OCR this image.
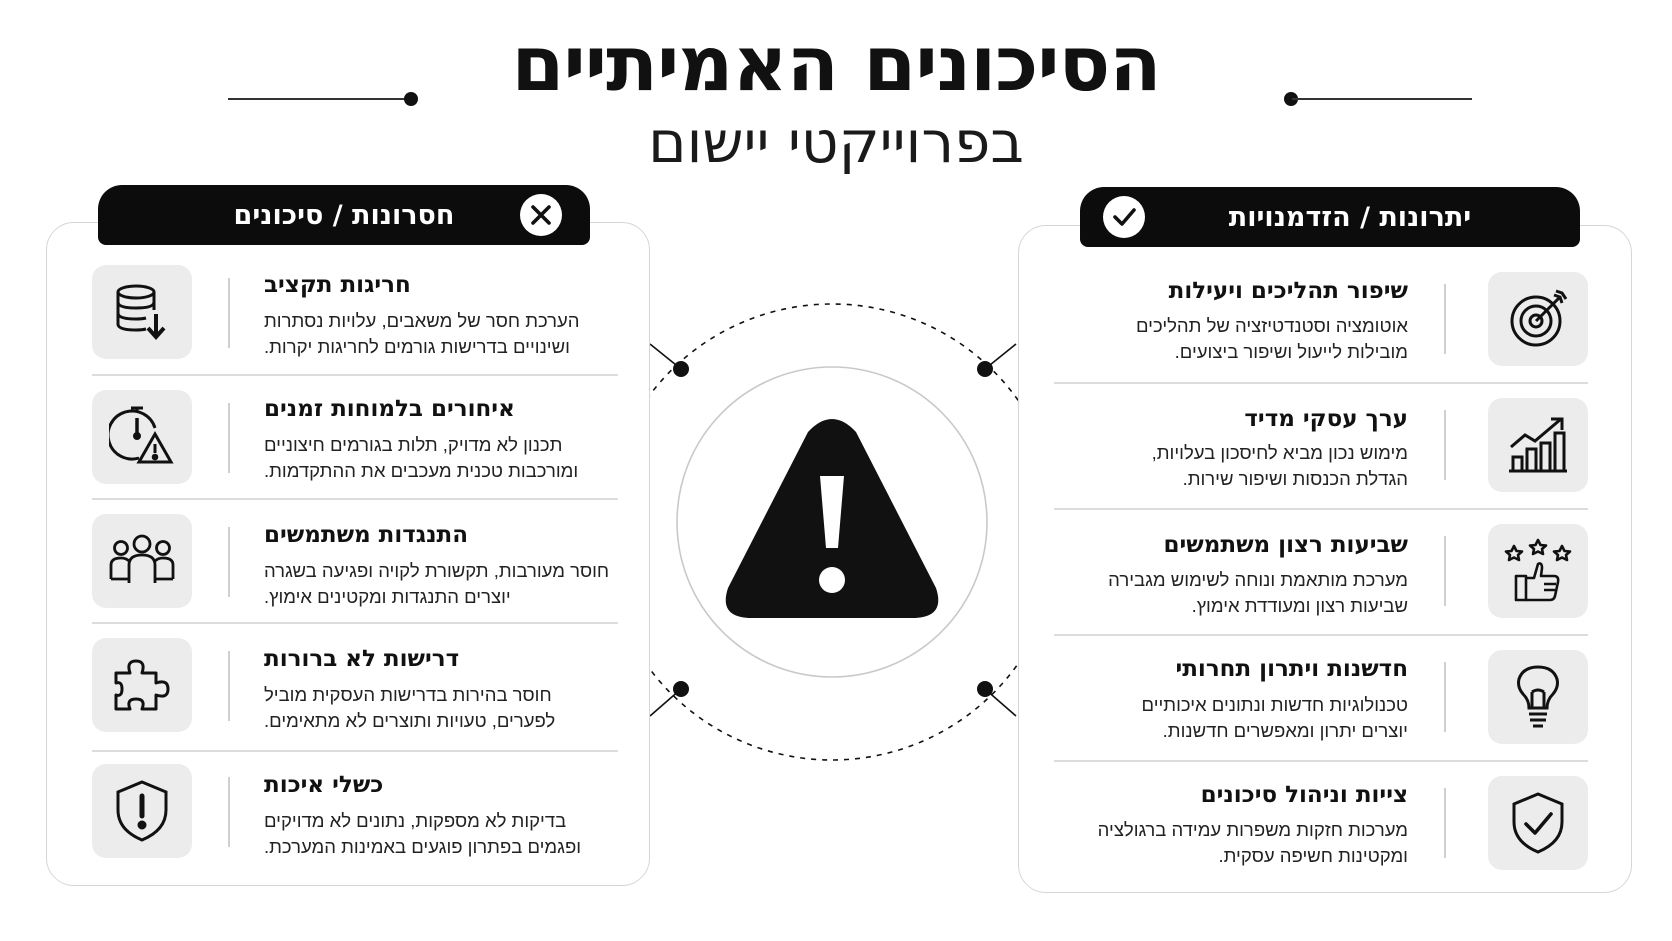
הסיכונים האמיתיים
בפרוייקטי יישום
חסרונות / סיכונים
חריגות תקציב
הערכת חסר של משאבים, עלויות נסתרות
ושינויים בדרישות גורמים לחריגות יקרות.
איחורים בלמוחות זמנים
תכנון לא מדויק, תלות בגורמים חיצוניים
ומורכבות טכנית מעכבים את ההתקדמות.
התנגדות משתמשים
חוסר מעורבות, תקשורת לקויה ופגיעה בשגרה
יוצרים התנגדות ומקטינים אימוץ.
דרישות לא ברורות
חוסר בהירות בדרישות העסקית מוביל
לפערים, טעויות ותוצרים לא מתאימים.
כשלי איכות
בדיקות לא מספקות, נתונים לא מדויקים
ופגמים בפתרון פוגעים באמינות המערכת.
יתרונות / הזדמנויות
שיפור תהליכים ויעילות
אוטומציה וסטנדטיזציה של תהליכים
מובילות לייעול ושיפור ביצועים.
ערך עסקי מדיד
מימוש נכון מביא לחיסכון בעלויות,
הגדלת הכנסות ושיפור שירות.
שביעות רצון משתמשים
מערכת מותאמת ונוחה לשימוש מגבירה
שביעות רצון ומעודדת אימוץ.
חדשנות ויתרון תחרותי
טכנולוגיות חדשות ונתונים איכותיים
יוצרים יתרון ומאפשרים חדשנות.
צייות וניהול סיכונים
מערכות חזקות משפרות עמידה ברגולציה
ומקטינות חשיפה עסקית.
